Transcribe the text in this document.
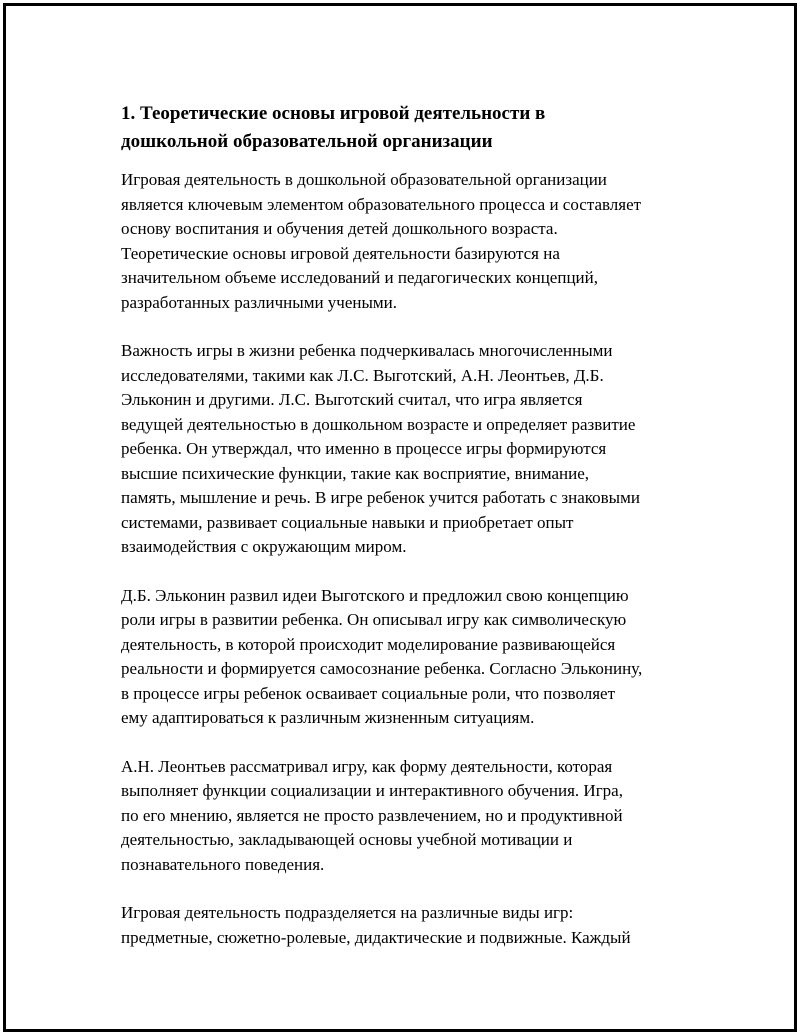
1. Теоретические основы игровой деятельности в
дошкольной образовательной организации

Игровая деятельность в дошкольной образовательной организации
является ключевым элементом образовательного процесса и составляет
основу воспитания и обучения детей дошкольного возраста.
Теоретические основы игровой деятельности базируются на
значительном объеме исследований и педагогических концепций,
разработанных различными учеными.

Важность игры в жизни ребенка подчеркивалась многочисленными
исследователями, такими как Л.С. Выготский, А.Н. Леонтьев, Д.Б.
Эльконин и другими. Л.С. Выготский считал, что игра является
ведущей деятельностью в дошкольном возрасте и определяет развитие
ребенка. Он утверждал, что именно в процессе игры формируются
высшие психические функции, такие как восприятие, внимание,
память, мышление и речь. В игре ребенок учится работать с знаковыми
системами, развивает социальные навыки и приобретает опыт
взаимодействия с окружающим миром.

Д.Б. Эльконин развил идеи Выготского и предложил свою концепцию
роли игры в развитии ребенка. Он описывал игру как символическую
деятельность, в которой происходит моделирование развивающейся
реальности и формируется самосознание ребенка. Согласно Эльконину,
в процессе игры ребенок осваивает социальные роли, что позволяет
ему адаптироваться к различным жизненным ситуациям.

А.Н. Леонтьев рассматривал игру, как форму деятельности, которая
выполняет функции социализации и интерактивного обучения. Игра,
по его мнению, является не просто развлечением, но и продуктивной
деятельностью, закладывающей основы учебной мотивации и
познавательного поведения.

Игровая деятельность подразделяется на различные виды игр:
предметные, сюжетно-ролевые, дидактические и подвижные. Каждый
